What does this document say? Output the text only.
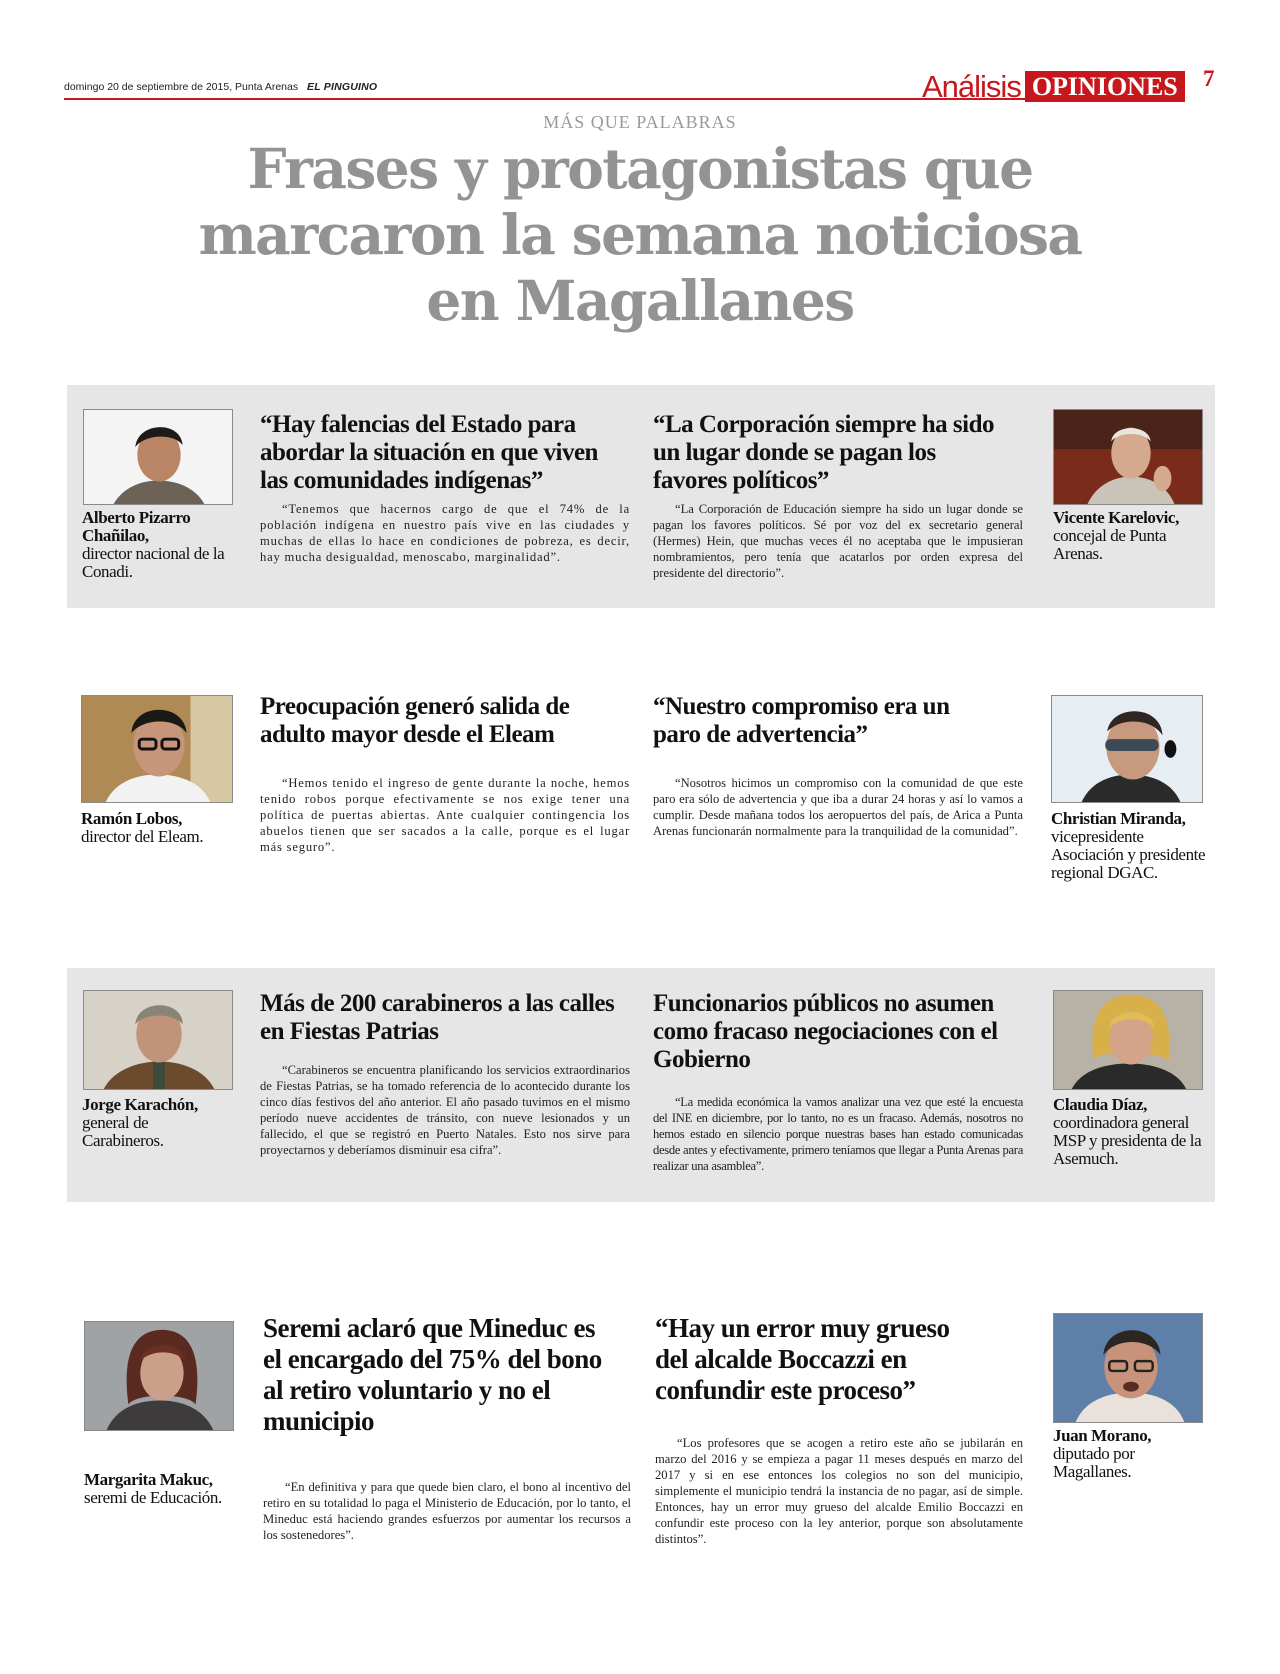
domingo 20 de septiembre de 2015, Punta Arenas EL PINGUINO	Análisis OPINIONES	7
MÁS QUE PALABRAS
Frases y protagonistas que marcaron la semana noticiosa en Magallanes
Alberto Pizarro Chañilao,
director nacional de la Conadi.
“Hay falencias del Estado para abordar la situación en que viven las comunidades indígenas”

“Tenemos que hacernos cargo de que el 74% de la población indígena en nuestro país vive en las ciudades y muchas de ellas lo hace en condiciones de pobreza, es decir, hay mucha desigualdad, menoscabo, marginalidad”.

“La Corporación siempre ha sido un lugar donde se pagan los favores políticos”

“La Corporación de Educación siempre ha sido un lugar donde se pagan los favores políticos. Sé por voz del ex secretario general (Hermes) Hein, que muchas veces él no aceptaba que le impusieran nombramientos, pero tenía que acatarlos por orden expresa del presidente del directorio”.

Vicente Karelovic,
concejal de Punta Arenas.
Ramón Lobos,
director del Eleam.
Preocupación generó salida de adulto mayor desde el Eleam

“Hemos tenido el ingreso de gente durante la noche, hemos tenido robos porque efectivamente se nos exige tener una política de puertas abiertas. Ante cualquier contingencia los abuelos tienen que ser sacados a la calle, porque es el lugar más seguro”.

“Nuestro compromiso era un paro de advertencia”

“Nosotros hicimos un compromiso con la comunidad de que este paro era sólo de advertencia y que iba a durar 24 horas y así lo vamos a cumplir. Desde mañana todos los aeropuertos del país, de Arica a Punta Arenas funcionarán normalmente para la tranquilidad de la comunidad”.

Christian Miranda,
vicepresidente Asociación y presidente regional DGAC.
Jorge Karachón,
general de Carabineros.
Más de 200 carabineros a las calles en Fiestas Patrias

“Carabineros se encuentra planificando los servicios extraordinarios de Fiestas Patrias, se ha tomado referencia de lo acontecido durante los cinco días festivos del año anterior. El año pasado tuvimos en el mismo período nueve accidentes de tránsito, con nueve lesionados y un fallecido, el que se registró en Puerto Natales. Esto nos sirve para proyectarnos y deberíamos disminuir esa cifra”.

Funcionarios públicos no asumen como fracaso negociaciones con el Gobierno

“La medida económica la vamos analizar una vez que esté la encuesta del INE en diciembre, por lo tanto, no es un fracaso. Además, nosotros no hemos estado en silencio porque nuestras bases han estado comunicadas desde antes y efectivamente, primero teníamos que llegar a Punta Arenas para realizar una asamblea”.

Claudia Díaz,
coordinadora general MSP y presidenta de la Asemuch.
Margarita Makuc,
seremi de Educación.
Seremi aclaró que Mineduc es el encargado del 75% del bono al retiro voluntario y no el municipio

“En definitiva y para que quede bien claro, el bono al incentivo del retiro en su totalidad lo paga el Ministerio de Educación, por lo tanto, el Mineduc está haciendo grandes esfuerzos por aumentar los recursos a los sostenedores”.

“Hay un error muy grueso del alcalde Boccazzi en confundir este proceso”

“Los profesores que se acogen a retiro este año se jubilarán en marzo del 2016 y se empieza a pagar 11 meses después en marzo del 2017 y si en ese entonces los colegios no son del municipio, simplemente el municipio tendrá la instancia de no pagar, así de simple. Entonces, hay un error muy grueso del alcalde Emilio Boccazzi en confundir este proceso con la ley anterior, porque son absolutamente distintos”.

Juan Morano,
diputado por Magallanes.
